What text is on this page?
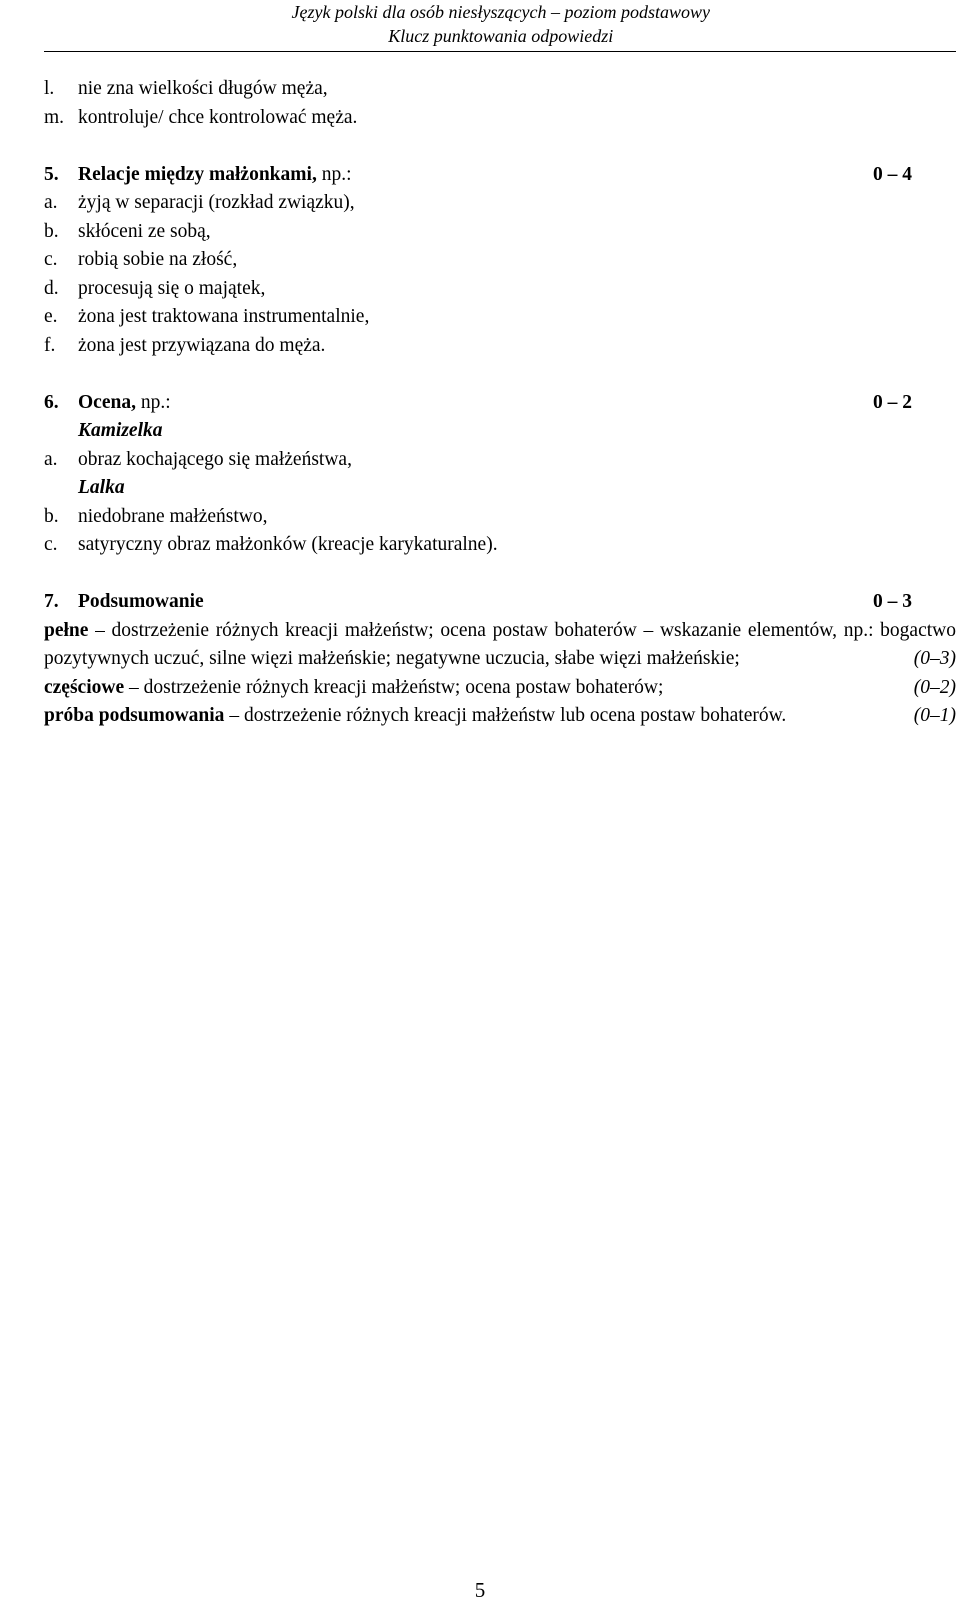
Język polski dla osób niesłyszących – poziom podstawowy
Klucz punktowania odpowiedzi
l. nie zna wielkości długów męża,
m. kontroluje/ chce kontrolować męża.
5. Relacje między małżonkami, np.:	0 – 4
a. żyją w separacji (rozkład związku),
b. skłóceni ze sobą,
c. robią sobie na złość,
d. procesują się o majątek,
e. żona jest traktowana instrumentalnie,
f. żona jest przywiązana do męża.
6. Ocena, np.:	0 – 2
Kamizelka
a. obraz kochającego się małżeństwa,
Lalka
b. niedobrane małżeństwo,
c. satyryczny obraz małżonków (kreacje karykaturalne).
7. Podsumowanie	0 – 3

pełne – dostrzeżenie różnych kreacji małżeństw; ocena postaw bohaterów – wskazanie elementów, np.: bogactwo pozytywnych uczuć, silne więzi małżeńskie; negatywne uczucia, słabe więzi małżeńskie;	(0–3)

częściowe – dostrzeżenie różnych kreacji małżeństw; ocena postaw bohaterów;	(0–2)

próba podsumowania – dostrzeżenie różnych kreacji małżeństw lub ocena postaw bohaterów.	(0–1)

5
